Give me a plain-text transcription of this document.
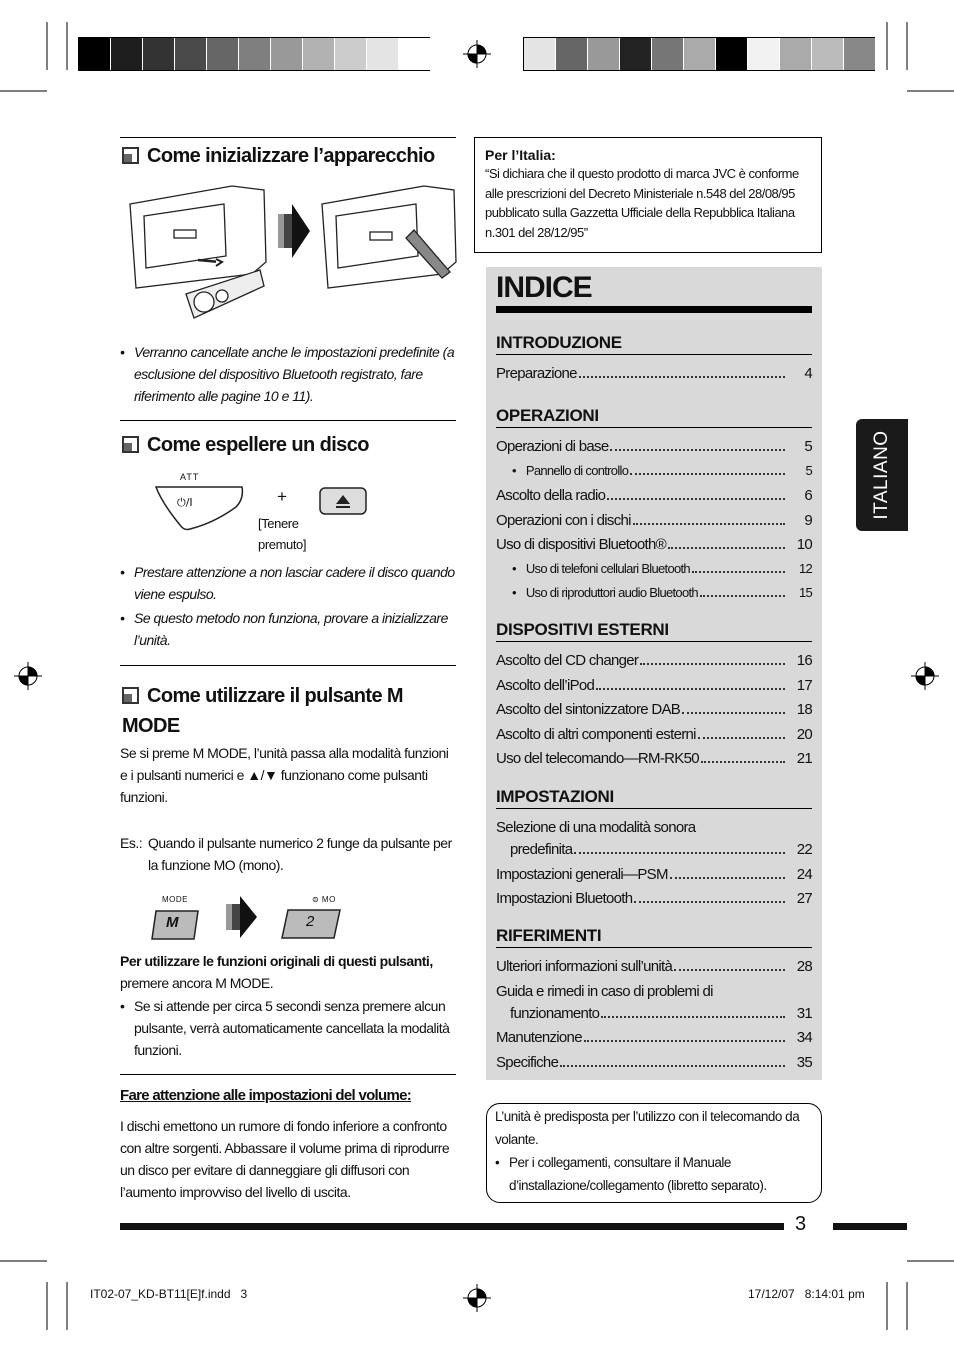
Come inizializzare l’apparecchio
• Verranno cancellate anche le impostazioni predefinite (a esclusione del dispositivo Bluetooth registrato, fare riferimento alle pagine 10 e 11).
Come espellere un disco
ATT
⏻/I	+
[Tenere premuto]
• Prestare attenzione a non lasciar cadere il disco quando viene espulso.
• Se questo metodo non funziona, provare a inizializzare l’unità.
Come utilizzare il pulsante M MODE
Se si preme M MODE, l’unità passa alla modalità funzioni e i pulsanti numerici e ▲/▼ funzionano come pulsanti funzioni.
Es.: Quando il pulsante numerico 2 funge da pulsante per la funzione MO (mono).
MODE
M
⊜ MO
2
Per utilizzare le funzioni originali di questi pulsanti, premere ancora M MODE.
• Se si attende per circa 5 secondi senza premere alcun pulsante, verrà automaticamente cancellata la modalità funzioni.
Fare attenzione alle impostazioni del volume:
I dischi emettono un rumore di fondo inferiore a confronto con altre sorgenti. Abbassare il volume prima di riprodurre un disco per evitare di danneggiare gli diffusori con l’aumento improvviso del livello di uscita.
Per l’Italia:
“Si dichiara che il questo prodotto di marca JVC è conforme alle prescrizioni del Decreto Ministeriale n.548 del 28/08/95 pubblicato sulla Gazzetta Ufficiale della Repubblica Italiana n.301 del 28/12/95”
INDICE
INTRODUZIONE
Preparazione	4
OPERAZIONI
Operazioni di base	5
• Pannello di controllo	5
Ascolto della radio	6
Operazioni con i dischi	9
Uso di dispositivi Bluetooth®	10
• Uso di telefoni cellulari Bluetooth	12
• Uso di riproduttori audio Bluetooth	15
DISPOSITIVI ESTERNI
Ascolto del CD changer	16
Ascolto dell’iPod	17
Ascolto del sintonizzatore DAB	18
Ascolto di altri componenti esterni	20
Uso del telecomando—RM-RK50	21
IMPOSTAZIONI
Selezione di una modalità sonora
predefinita	22
Impostazioni generali—PSM	24
Impostazioni Bluetooth	27
RIFERIMENTI
Ulteriori informazioni sull’unità	28
Guida e rimedi in caso di problemi di
funzionamento	31
Manutenzione	34
Specifiche	35
ITALIANO
L’unità è predisposta per l’utilizzo con il telecomando da volante.
• Per i collegamenti, consultare il Manuale d’installazione/collegamento (libretto separato).
3
IT02-07_KD-BT11[E]f.indd   3	17/12/07   8:14:01 pm
